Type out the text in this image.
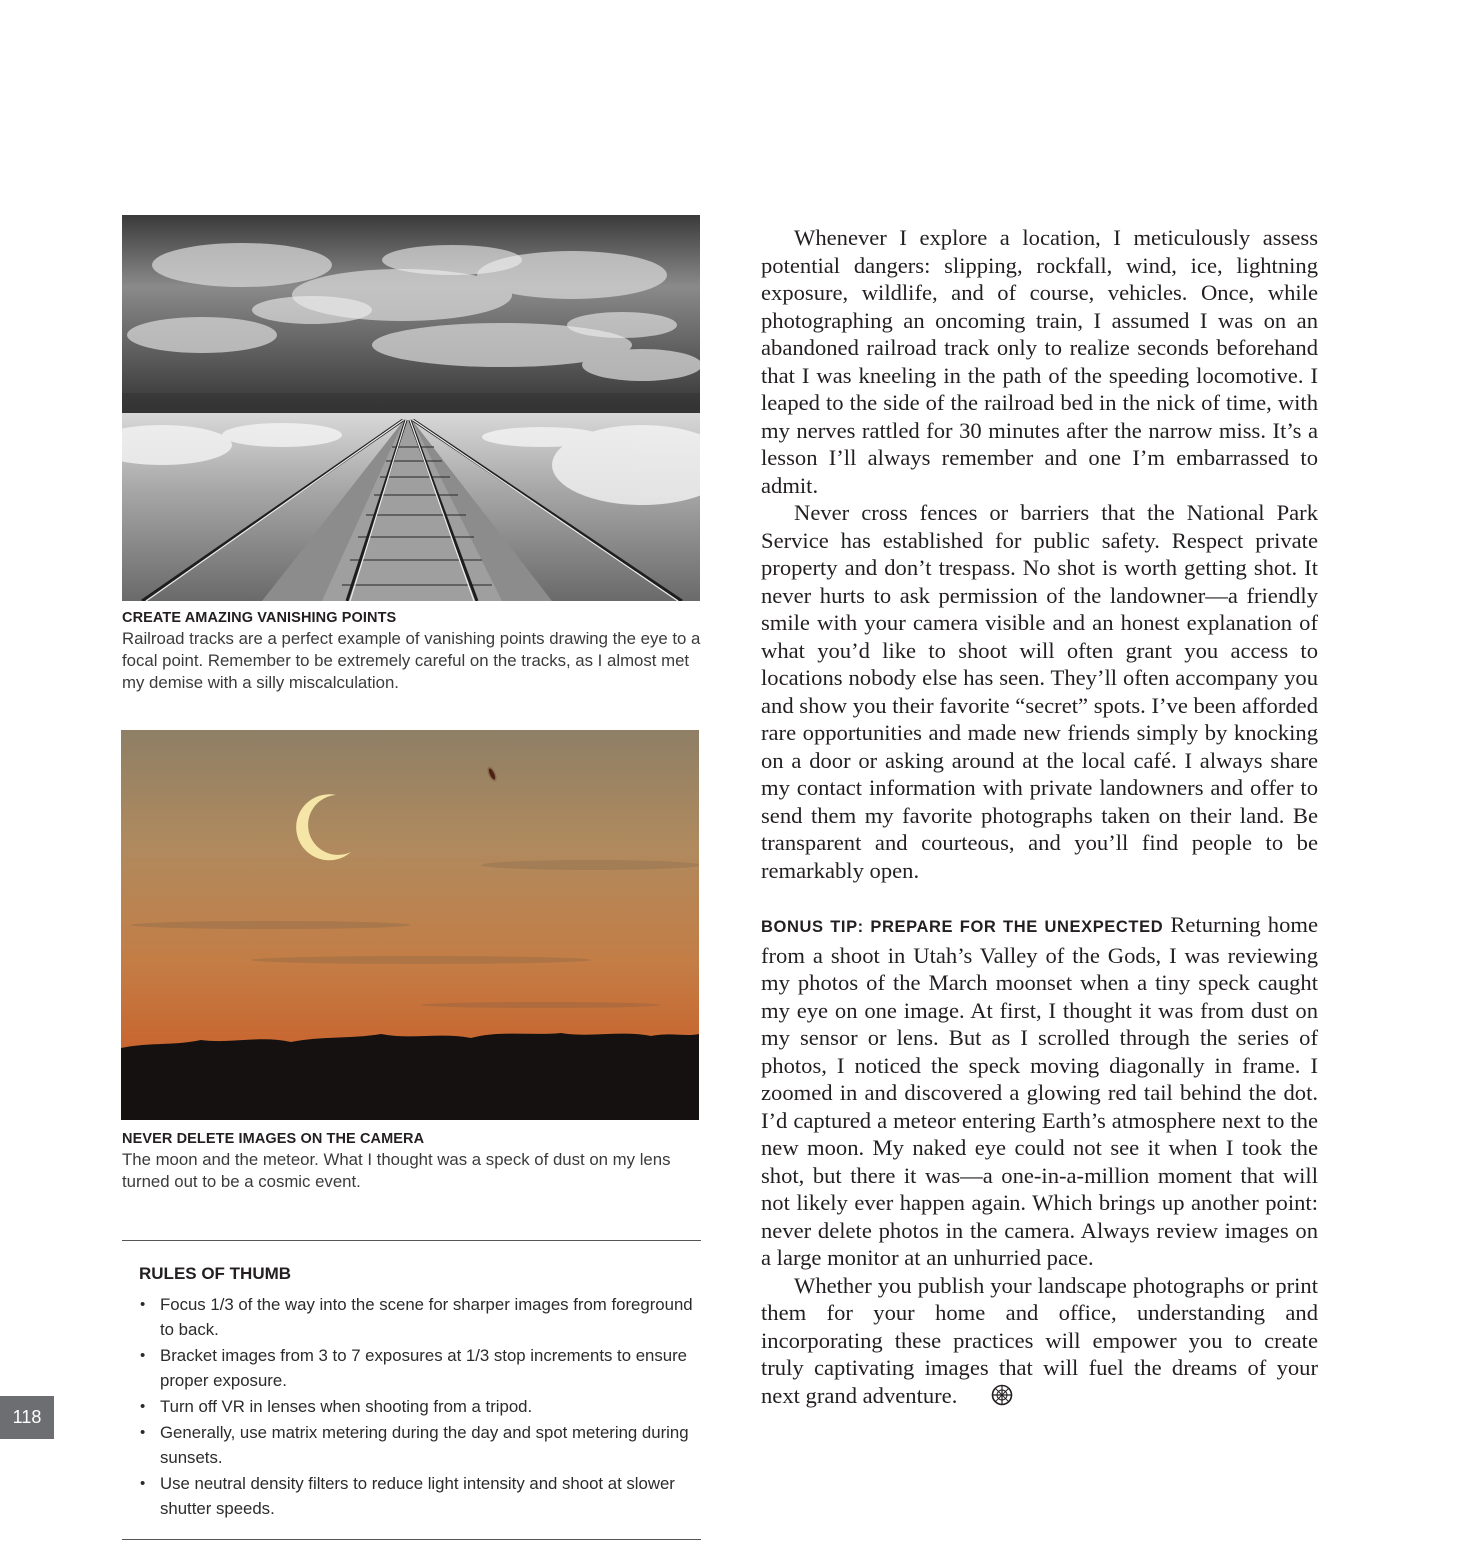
CREATE AMAZING VANISHING POINTS
Railroad tracks are a perfect example of vanishing points drawing the eye to a focal point. Remember to be extremely careful on the tracks, as I almost met my demise with a silly miscalculation.
NEVER DELETE IMAGES ON THE CAMERA
The moon and the meteor. What I thought was a speck of dust on my lens turned out to be a cosmic event.
RULES OF THUMB
• Focus 1/3 of the way into the scene for sharper images from foreground to back.
• Bracket images from 3 to 7 exposures at 1/3 stop increments to ensure proper exposure.
• Turn off VR in lenses when shooting from a tripod.
• Generally, use matrix metering during the day and spot metering during sunsets.
• Use neutral density filters to reduce light intensity and shoot at slower shutter speeds.
118

Whenever I explore a location, I meticulously assess potential dangers: slipping, rockfall, wind, ice, lightning exposure, wildlife, and of course, vehicles. Once, while photographing an oncoming train, I assumed I was on an abandoned railroad track only to realize seconds beforehand that I was kneeling in the path of the speeding locomotive. I leaped to the side of the railroad bed in the nick of time, with my nerves rattled for 30 minutes after the narrow miss. It’s a lesson I’ll always remember and one I’m embarrassed to admit.

Never cross fences or barriers that the National Park Service has established for public safety. Respect private property and don’t trespass. No shot is worth getting shot. It never hurts to ask permission of the landowner—a friendly smile with your camera visible and an honest explanation of what you’d like to shoot will often grant you access to locations nobody else has seen. They’ll often accompany you and show you their favorite “secret” spots. I’ve been afforded rare opportunities and made new friends simply by knocking on a door or asking around at the local café. I always share my contact information with private landowners and offer to send them my favorite photographs taken on their land. Be transparent and courteous, and you’ll find people to be remarkably open.

BONUS TIP: PREPARE FOR THE UNEXPECTED Returning home from a shoot in Utah’s Valley of the Gods, I was reviewing my photos of the March moonset when a tiny speck caught my eye on one image. At first, I thought it was from dust on my sensor or lens. But as I scrolled through the series of photos, I noticed the speck moving diagonally in frame. I zoomed in and discovered a glowing red tail behind the dot. I’d captured a meteor entering Earth’s atmosphere next to the new moon. My naked eye could not see it when I took the shot, but there it was—a one-in-a-million moment that will not likely ever happen again. Which brings up another point: never delete photos in the camera. Always review images on a large monitor at an unhurried pace.

Whether you publish your landscape photographs or print them for your home and office, understanding and incorporating these practices will empower you to create truly captivating images that will fuel the dreams of your next grand adventure.
